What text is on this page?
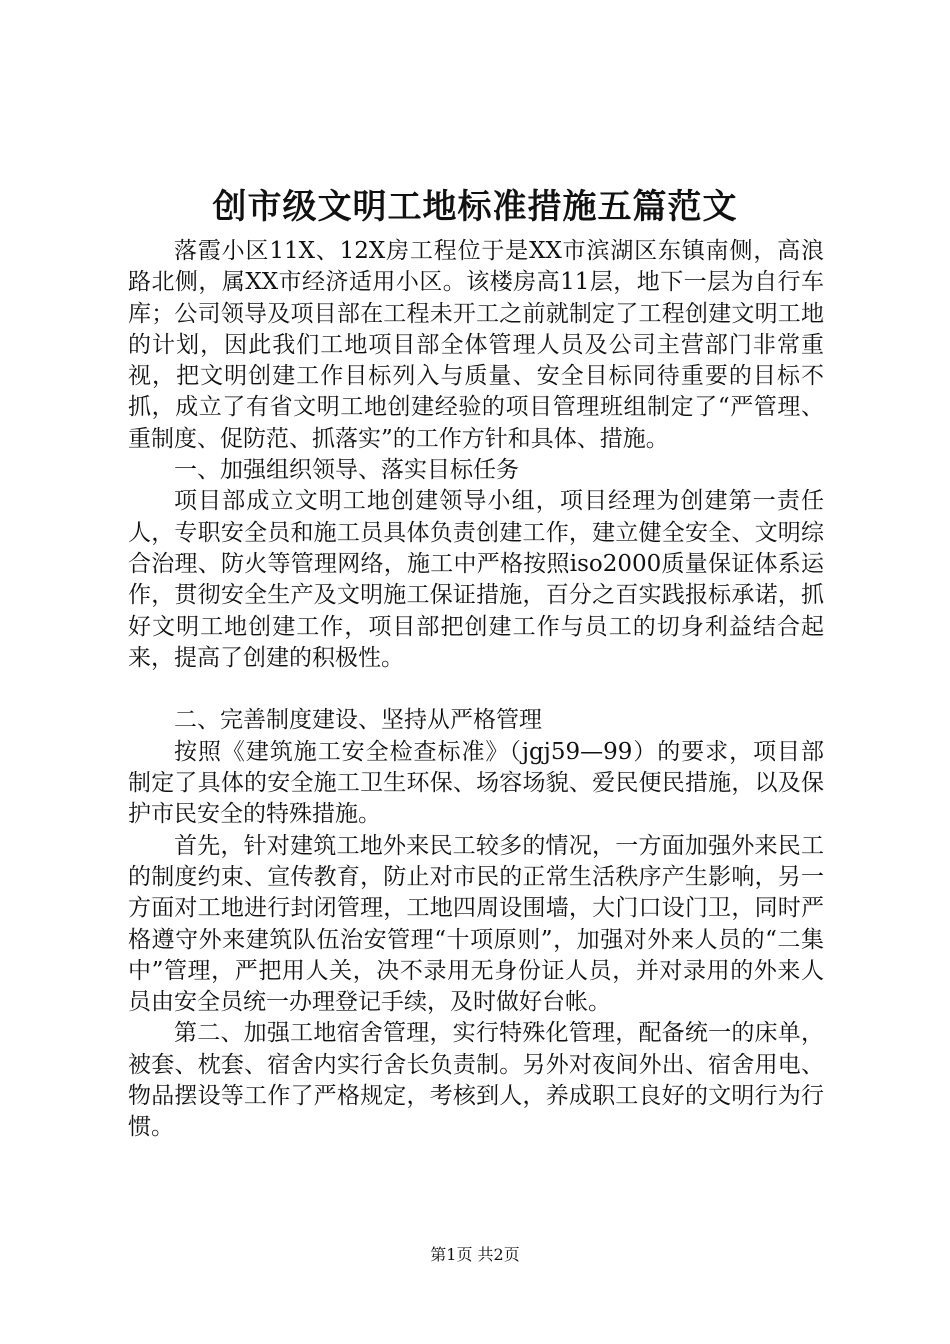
创市级文明工地标准措施五篇范文

落霞小区11X、12X房工程位于是XX市滨湖区东镇南侧，高浪路北侧，属XX市经济适用小区。该楼房高11层，地下一层为自行车库；公司领导及项目部在工程未开工之前就制定了工程创建文明工地的计划，因此我们工地项目部全体管理人员及公司主营部门非常重视，把文明创建工作目标列入与质量、安全目标同待重要的目标不抓，成立了有省文明工地创建经验的项目管理班组制定了“严管理、重制度、促防范、抓落实”的工作方针和具体、措施。

一、加强组织领导、落实目标任务

项目部成立文明工地创建领导小组，项目经理为创建第一责任人，专职安全员和施工员具体负责创建工作，建立健全安全、文明综合治理、防火等管理网络，施工中严格按照iso2000质量保证体系运作，贯彻安全生产及文明施工保证措施，百分之百实践报标承诺，抓好文明工地创建工作，项目部把创建工作与员工的切身利益结合起来，提高了创建的积极性。

二、完善制度建设、坚持从严格管理

按照《建筑施工安全检查标准》（jgj59—99）的要求，项目部制定了具体的安全施工卫生环保、场容场貌、爱民便民措施，以及保护市民安全的特殊措施。

首先，针对建筑工地外来民工较多的情况，一方面加强外来民工的制度约束、宣传教育，防止对市民的正常生活秩序产生影响，另一方面对工地进行封闭管理，工地四周设围墙，大门口设门卫，同时严格遵守外来建筑队伍治安管理“十项原则”，加强对外来人员的“二集中”管理，严把用人关，决不录用无身份证人员，并对录用的外来人员由安全员统一办理登记手续，及时做好台帐。

第二、加强工地宿舍管理，实行特殊化管理，配备统一的床单，被套、枕套、宿舍内实行舍长负责制。另外对夜间外出、宿舍用电、物品摆设等工作了严格规定，考核到人，养成职工良好的文明行为行惯。

第1页 共2页
